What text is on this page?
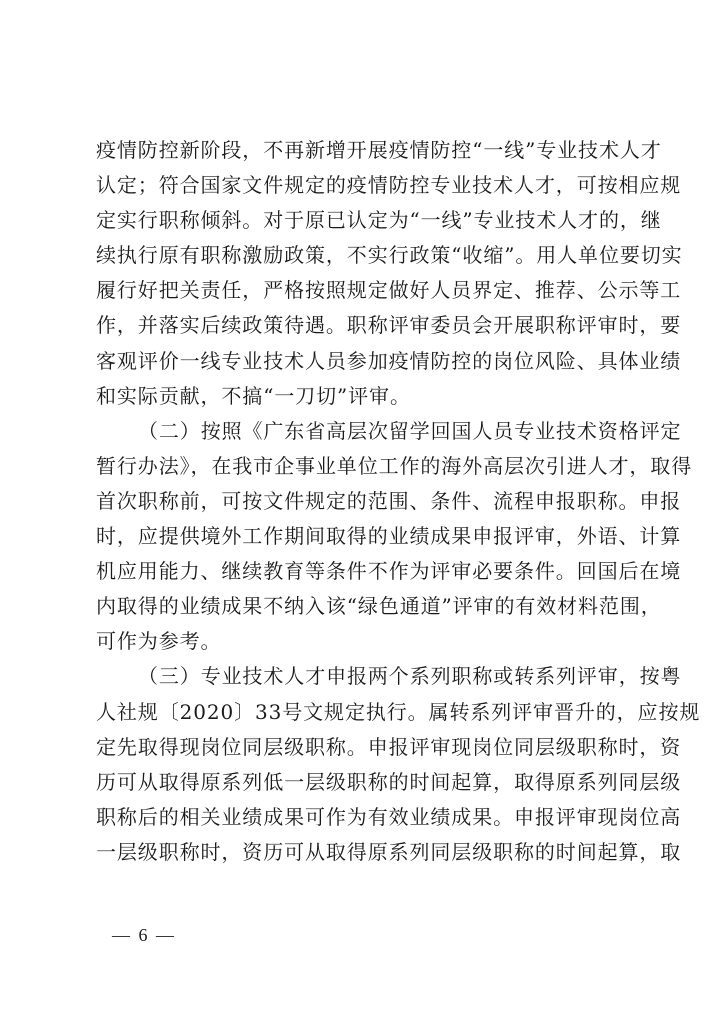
疫情防控新阶段，不再新增开展疫情防控“一线”专业技术人才
认定；符合国家文件规定的疫情防控专业技术人才，可按相应规
定实行职称倾斜。对于原已认定为“一线”专业技术人才的，继
续执行原有职称激励政策，不实行政策“收缩”。用人单位要切实
履行好把关责任，严格按照规定做好人员界定、推荐、公示等工
作，并落实后续政策待遇。职称评审委员会开展职称评审时，要
客观评价一线专业技术人员参加疫情防控的岗位风险、具体业绩
和实际贡献，不搞“一刀切”评审。

（二）按照《广东省高层次留学回国人员专业技术资格评定
暂行办法》，在我市企事业单位工作的海外高层次引进人才，取得
首次职称前，可按文件规定的范围、条件、流程申报职称。申报
时，应提供境外工作期间取得的业绩成果申报评审，外语、计算
机应用能力、继续教育等条件不作为评审必要条件。回国后在境
内取得的业绩成果不纳入该“绿色通道”评审的有效材料范围，
可作为参考。

（三）专业技术人才申报两个系列职称或转系列评审，按粤
人社规〔2020〕33号文规定执行。属转系列评审晋升的，应按规
定先取得现岗位同层级职称。申报评审现岗位同层级职称时，资
历可从取得原系列低一层级职称的时间起算，取得原系列同层级
职称后的相关业绩成果可作为有效业绩成果。申报评审现岗位高
一层级职称时，资历可从取得原系列同层级职称的时间起算，取

— 6 —
